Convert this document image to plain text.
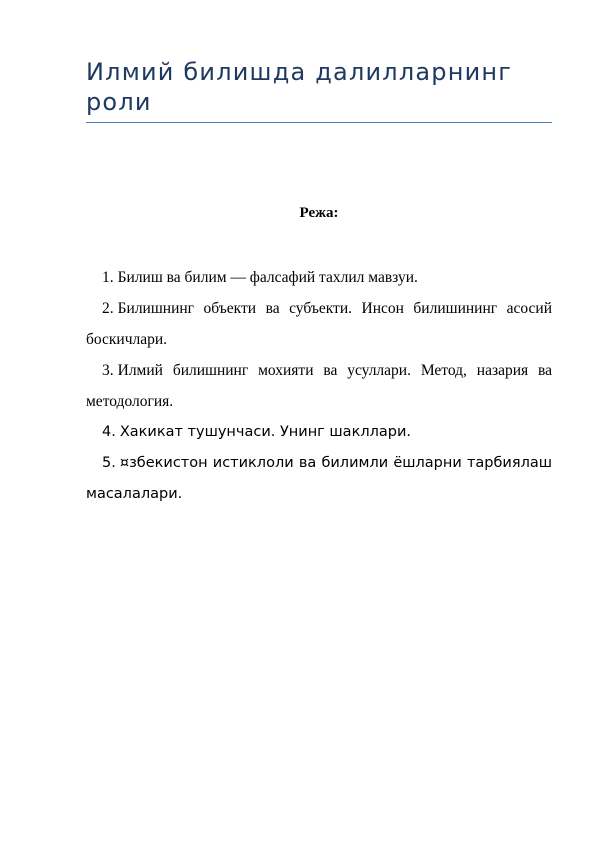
Илмий билишда далилларнинг роли
Режа:
1. Билиш ва билим — фалсафий тахлил мавзуи.
2. Билишнинг объекти ва субъекти. Инсон билишининг асосий боскичлари.
3. Илмий билишнинг мохияти ва усуллари. Метод, назария ва методология.
4. Хакикат тушунчаси. Унинг шакллари.
5. ¤збекистон истиклоли ва билимли ёшларни тарбиялаш масалалари.
